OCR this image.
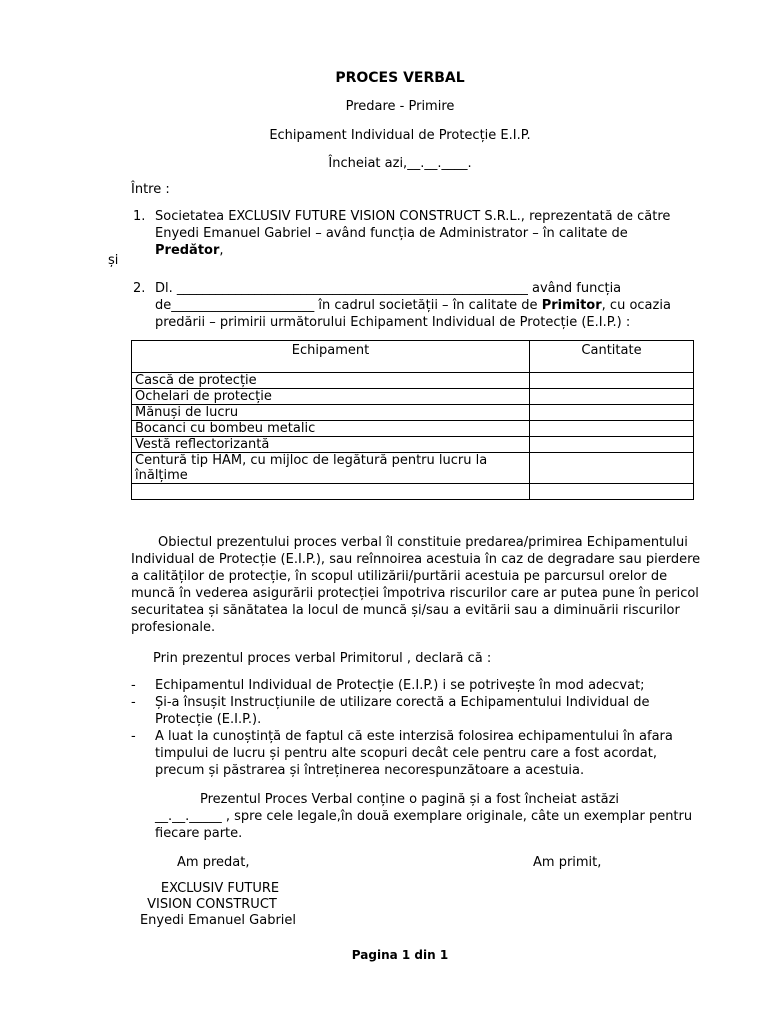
PROCES VERBAL
Predare - Primire
Echipament Individual de Protecție E.I.P.
Încheiat azi,__.__.____.
Între :
1. Societatea EXCLUSIV FUTURE VISION CONSTRUCT S.R.L., reprezentată de către
Enyedi Emanuel Gabriel – având funcția de Administrator – în calitate de Predător,
și
2. Dl. ______________________________________________________ având funcția
de______________________ în cadrul societății – în calitate de Primitor, cu ocazia
predării – primirii următorului Echipament Individual de Protecție (E.I.P.) :
Echipament	Cantitate
Cască de protecție	
Ochelari de protecție	
Mănuși de lucru	
Bocanci cu bombeu metalic	
Vestă reflectorizantă	
Centură tip HAM, cu mijloc de legătură pentru lucru la înălțime	

Obiectul prezentului proces verbal îl constituie predarea/primirea Echipamentului Individual de Protecție (E.I.P.), sau reînnoirea acestuia în caz de degradare sau pierdere a calităților de protecție, în scopul utilizării/purtării acestuia pe parcursul orelor de muncă în vederea asigurării protecției împotriva riscurilor care ar putea pune în pericol securitatea și sănătatea la locul de muncă și/sau a evitării sau a diminuării riscurilor profesionale.
Prin prezentul proces verbal Primitorul , declară că :
- Echipamentul Individual de Protecție (E.I.P.) i se potrivește în mod adecvat;
- Și-a însușit Instrucțiunile de utilizare corectă a Echipamentului Individual de Protecție (E.I.P.).
- A luat la cunoștință de faptul că este interzisă folosirea echipamentului în afara timpului de lucru și pentru alte scopuri decât cele pentru care a fost acordat, precum și păstrarea și întreținerea necorespunzătoare a acestuia.
Prezentul Proces Verbal conține o pagină și a fost încheiat astăzi
__.__._____ , spre cele legale,în două exemplare originale, câte un exemplar pentru fiecare parte.
Am predat,	Am primit,
EXCLUSIV FUTURE
VISION CONSTRUCT
Enyedi Emanuel Gabriel
Pagina 1 din 1
